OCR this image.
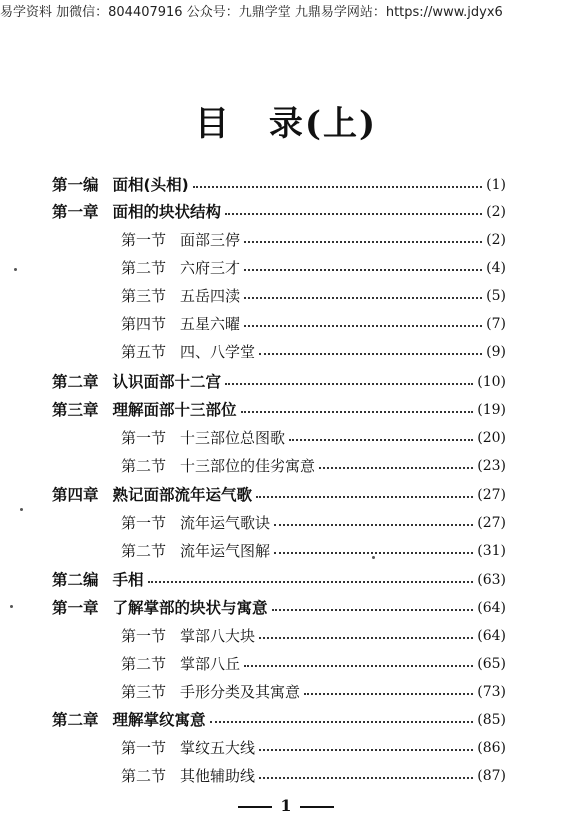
易学资料 加微信：804407916 公众号：九鼎学堂 九鼎易学网站：https://www.jdyx6
目 录(上)
第一编 面相(头相)	(1)
第一章 面相的块状结构	(2)
第一节 面部三停	(2)
第二节 六府三才	(4)
第三节 五岳四渎	(5)
第四节 五星六曜	(7)
第五节 四、八学堂	(9)
第二章 认识面部十二宫	(10)
第三章 理解面部十三部位	(19)
第一节 十三部位总图歌	(20)
第二节 十三部位的佳劣寓意	(23)
第四章 熟记面部流年运气歌	(27)
第一节 流年运气歌诀	(27)
第二节 流年运气图解	(31)
第二编 手相	(63)
第一章 了解掌部的块状与寓意	(64)
第一节 掌部八大块	(64)
第二节 掌部八丘	(65)
第三节 手形分类及其寓意	(73)
第二章 理解掌纹寓意	(85)
第一节 掌纹五大线	(86)
第二节 其他辅助线	(87)
1
